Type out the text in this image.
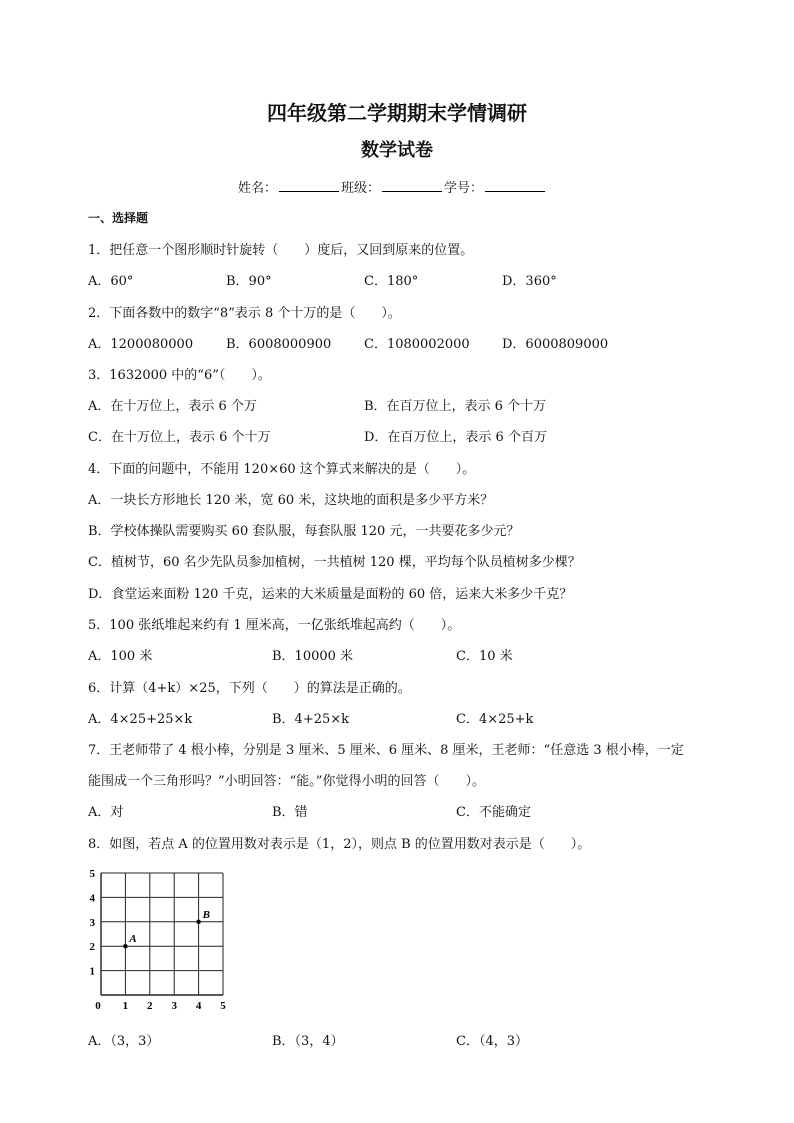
四年级第二学期期末学情调研
数学试卷
姓名：	班级：	学号：
一、选择题
1．把任意一个图形顺时针旋转（　　）度后，又回到原来的位置。
A．60°	B．90°	C．180°	D．360°
2．下面各数中的数字“8”表示 8 个十万的是（　　）。
A．1200080000	B．6008000900	C．1080002000 D．6000809000
3．1632000 中的“6”（　　）。
A．在十万位上，表示 6 个万	B．在百万位上，表示 6 个十万
C．在十万位上，表示 6 个十万	D．在百万位上，表示 6 个百万
4．下面的问题中，不能用 120×60 这个算式来解决的是（　　）。
A．一块长方形地长 120 米，宽 60 米，这块地的面积是多少平方米？
B．学校体操队需要购买 60 套队服，每套队服 120 元，一共要花多少元？
C．植树节，60 名少先队员参加植树，一共植树 120 棵，平均每个队员植树多少棵？
D．食堂运来面粉 120 千克，运来的大米质量是面粉的 60 倍，运来大米多少千克？
5．100 张纸堆起来约有 1 厘米高，一亿张纸堆起高约（　　）。
A．100 米	B．10000 米	C．10 米
6．计算（4+k）×25，下列（　　）的算法是正确的。
A．4×25+25×k	B．4+25×k	C．4×25+k
7．王老师带了 4 根小棒，分别是 3 厘米、5 厘米、6 厘米、8 厘米，王老师：“任意选 3 根小棒，一定
能围成一个三角形吗？”小明回答：“能。”你觉得小明的回答（　　）。
A．对	B．错	C．不能确定
8．如图，若点 A 的位置用数对表示是（1，2），则点 B 的位置用数对表示是（　　）。
0 1 2 3 4 5
1
2
3
4
5
A
B
A．（3，3）	B．（3，4）	C．（4，3）
